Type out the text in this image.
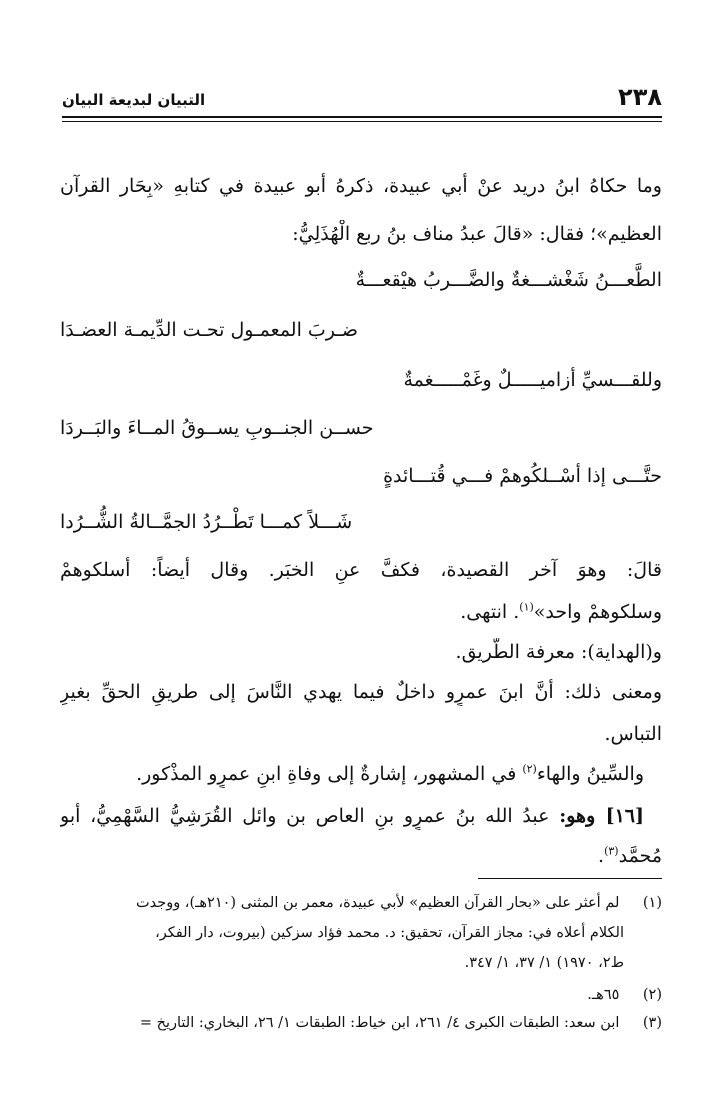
٢٣٨
التبيان لبديعة البيان
وما حكاهُ ابنُ دريد عنْ أبي عبيدة، ذكرهُ أبو عبيدة في كتابهِ «بِحَار القرآن
العظيم»؛ فقال: «قالَ عبدُ مناف بنُ ربع الْهُذَلِيُّ:
الطَّعـــنُ شَغْشـــغةٌ والضَّـــربُ هيْقعـــةٌ
ضـربَ المعمـول تحـت الدِّيمـة العضـدَا
وللقـــسيِّ أزاميـــــلٌ وغَمْـــــغمةٌ
حســن الجنــوبِ يســوقُ المــاءَ والبَــردَا
حتَّـــى إذا أسْــلكُوهمْ فـــي قُتـــائدةٍ
شَـــلاً كمـــا تَطْــرُدُ الجمَّــالةُ الشُّــرُدا
قالَ: وهوَ آخر القصيدة، فكفَّ عنِ الخبَر. وقال أيضاً: أسلكوهمْ
وسلكوهمْ واحد»$^{(١)}$. انتهى.
و(الهداية): معرفة الطَّريق.
ومعنى ذلك: أنَّ ابنَ عمرٍو داخلٌ فيما يهدي النَّاسَ إلى طريقِ الحقِّ بغيرِ
التباس.
والسِّينُ والهاء$^{(٢)}$ في المشهور، إشارةٌ إلى وفاةِ ابنِ عمرٍو المذْكور.
[١٦] وهو: عبدُ الله بنُ عمرٍو بنِ العاص بن وائل القُرَشِيُّ السَّهْمِيُّ، أبو
مُحمَّد$^{(٣)}$.
(١) لم أعثر على «بحار القرآن العظيم» لأبي عبيدة، معمر بن المثنى (٢١٠هـ)، ووجدت
الكلام أعلاه في: مجاز القرآن، تحقيق: د. محمد فؤاد سزكين (بيروت، دار الفكر،
ط٢، ١٩٧٠) ١/ ٣٧، ١/ ٣٤٧.
(٢) ٦٥هـ.
(٣) ابن سعد: الطبقات الكبرى ٤/ ٢٦١، ابن خياط: الطبقات ١/ ٢٦، البخاري: التاريخ =
